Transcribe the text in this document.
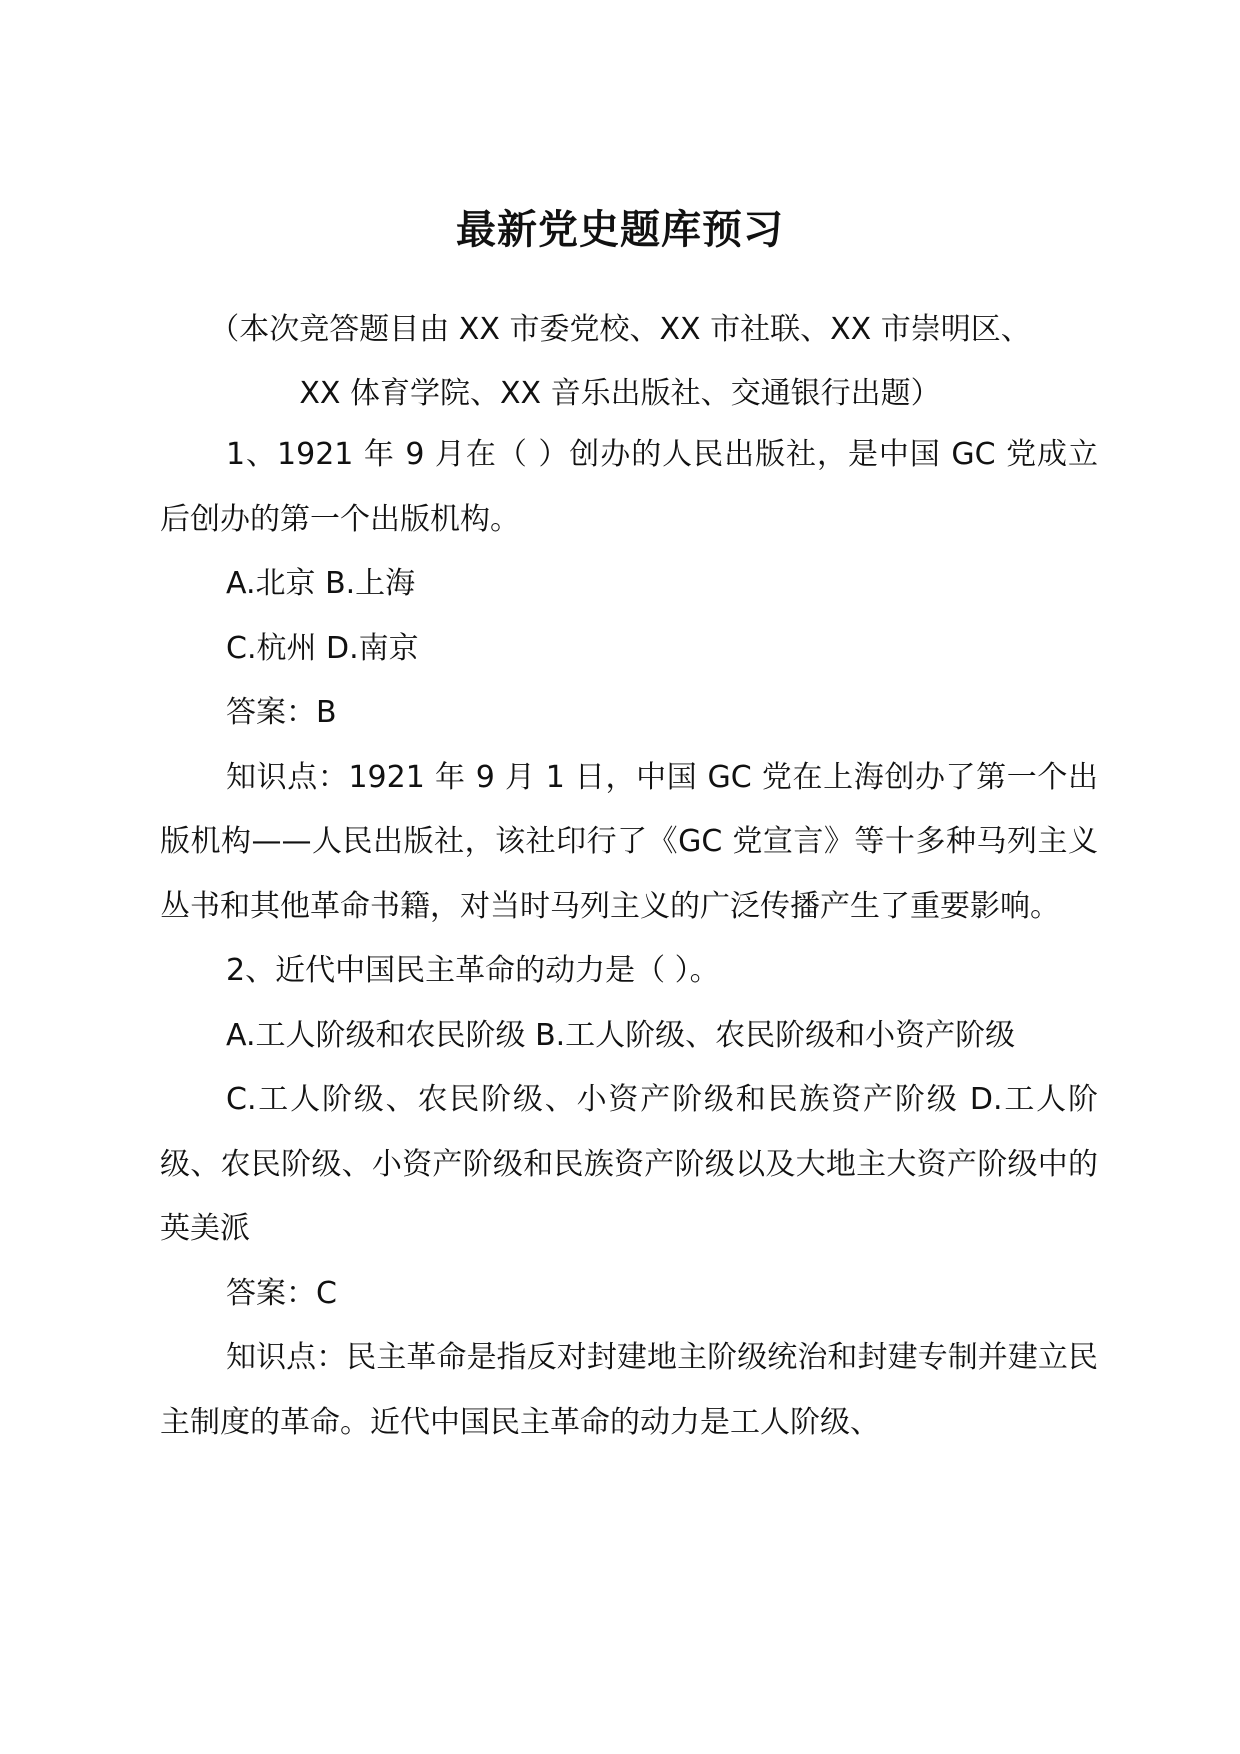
最新党史题库预习
（本次竞答题目由 XX 市委党校、XX 市社联、XX 市崇明区、
XX 体育学院、XX 音乐出版社、交通银行出题）

1、1921 年 9 月在（ ）创办的人民出版社，是中国 GC 党成立后创办的第一个出版机构。

A.北京 B.上海

C.杭州 D.南京

答案：B

知识点：1921 年 9 月 1 日，中国 GC 党在上海创办了第一个出版机构——人民出版社，该社印行了《GC 党宣言》等十多种马列主义丛书和其他革命书籍，对当时马列主义的广泛传播产生了重要影响。

2、近代中国民主革命的动力是（ ）。

A.工人阶级和农民阶级 B.工人阶级、农民阶级和小资产阶级

C.工人阶级、农民阶级、小资产阶级和民族资产阶级 D.工人阶级、农民阶级、小资产阶级和民族资产阶级以及大地主大资产阶级中的英美派

答案：C

知识点：民主革命是指反对封建地主阶级统治和封建专制并建立民主制度的革命。近代中国民主革命的动力是工人阶级、
